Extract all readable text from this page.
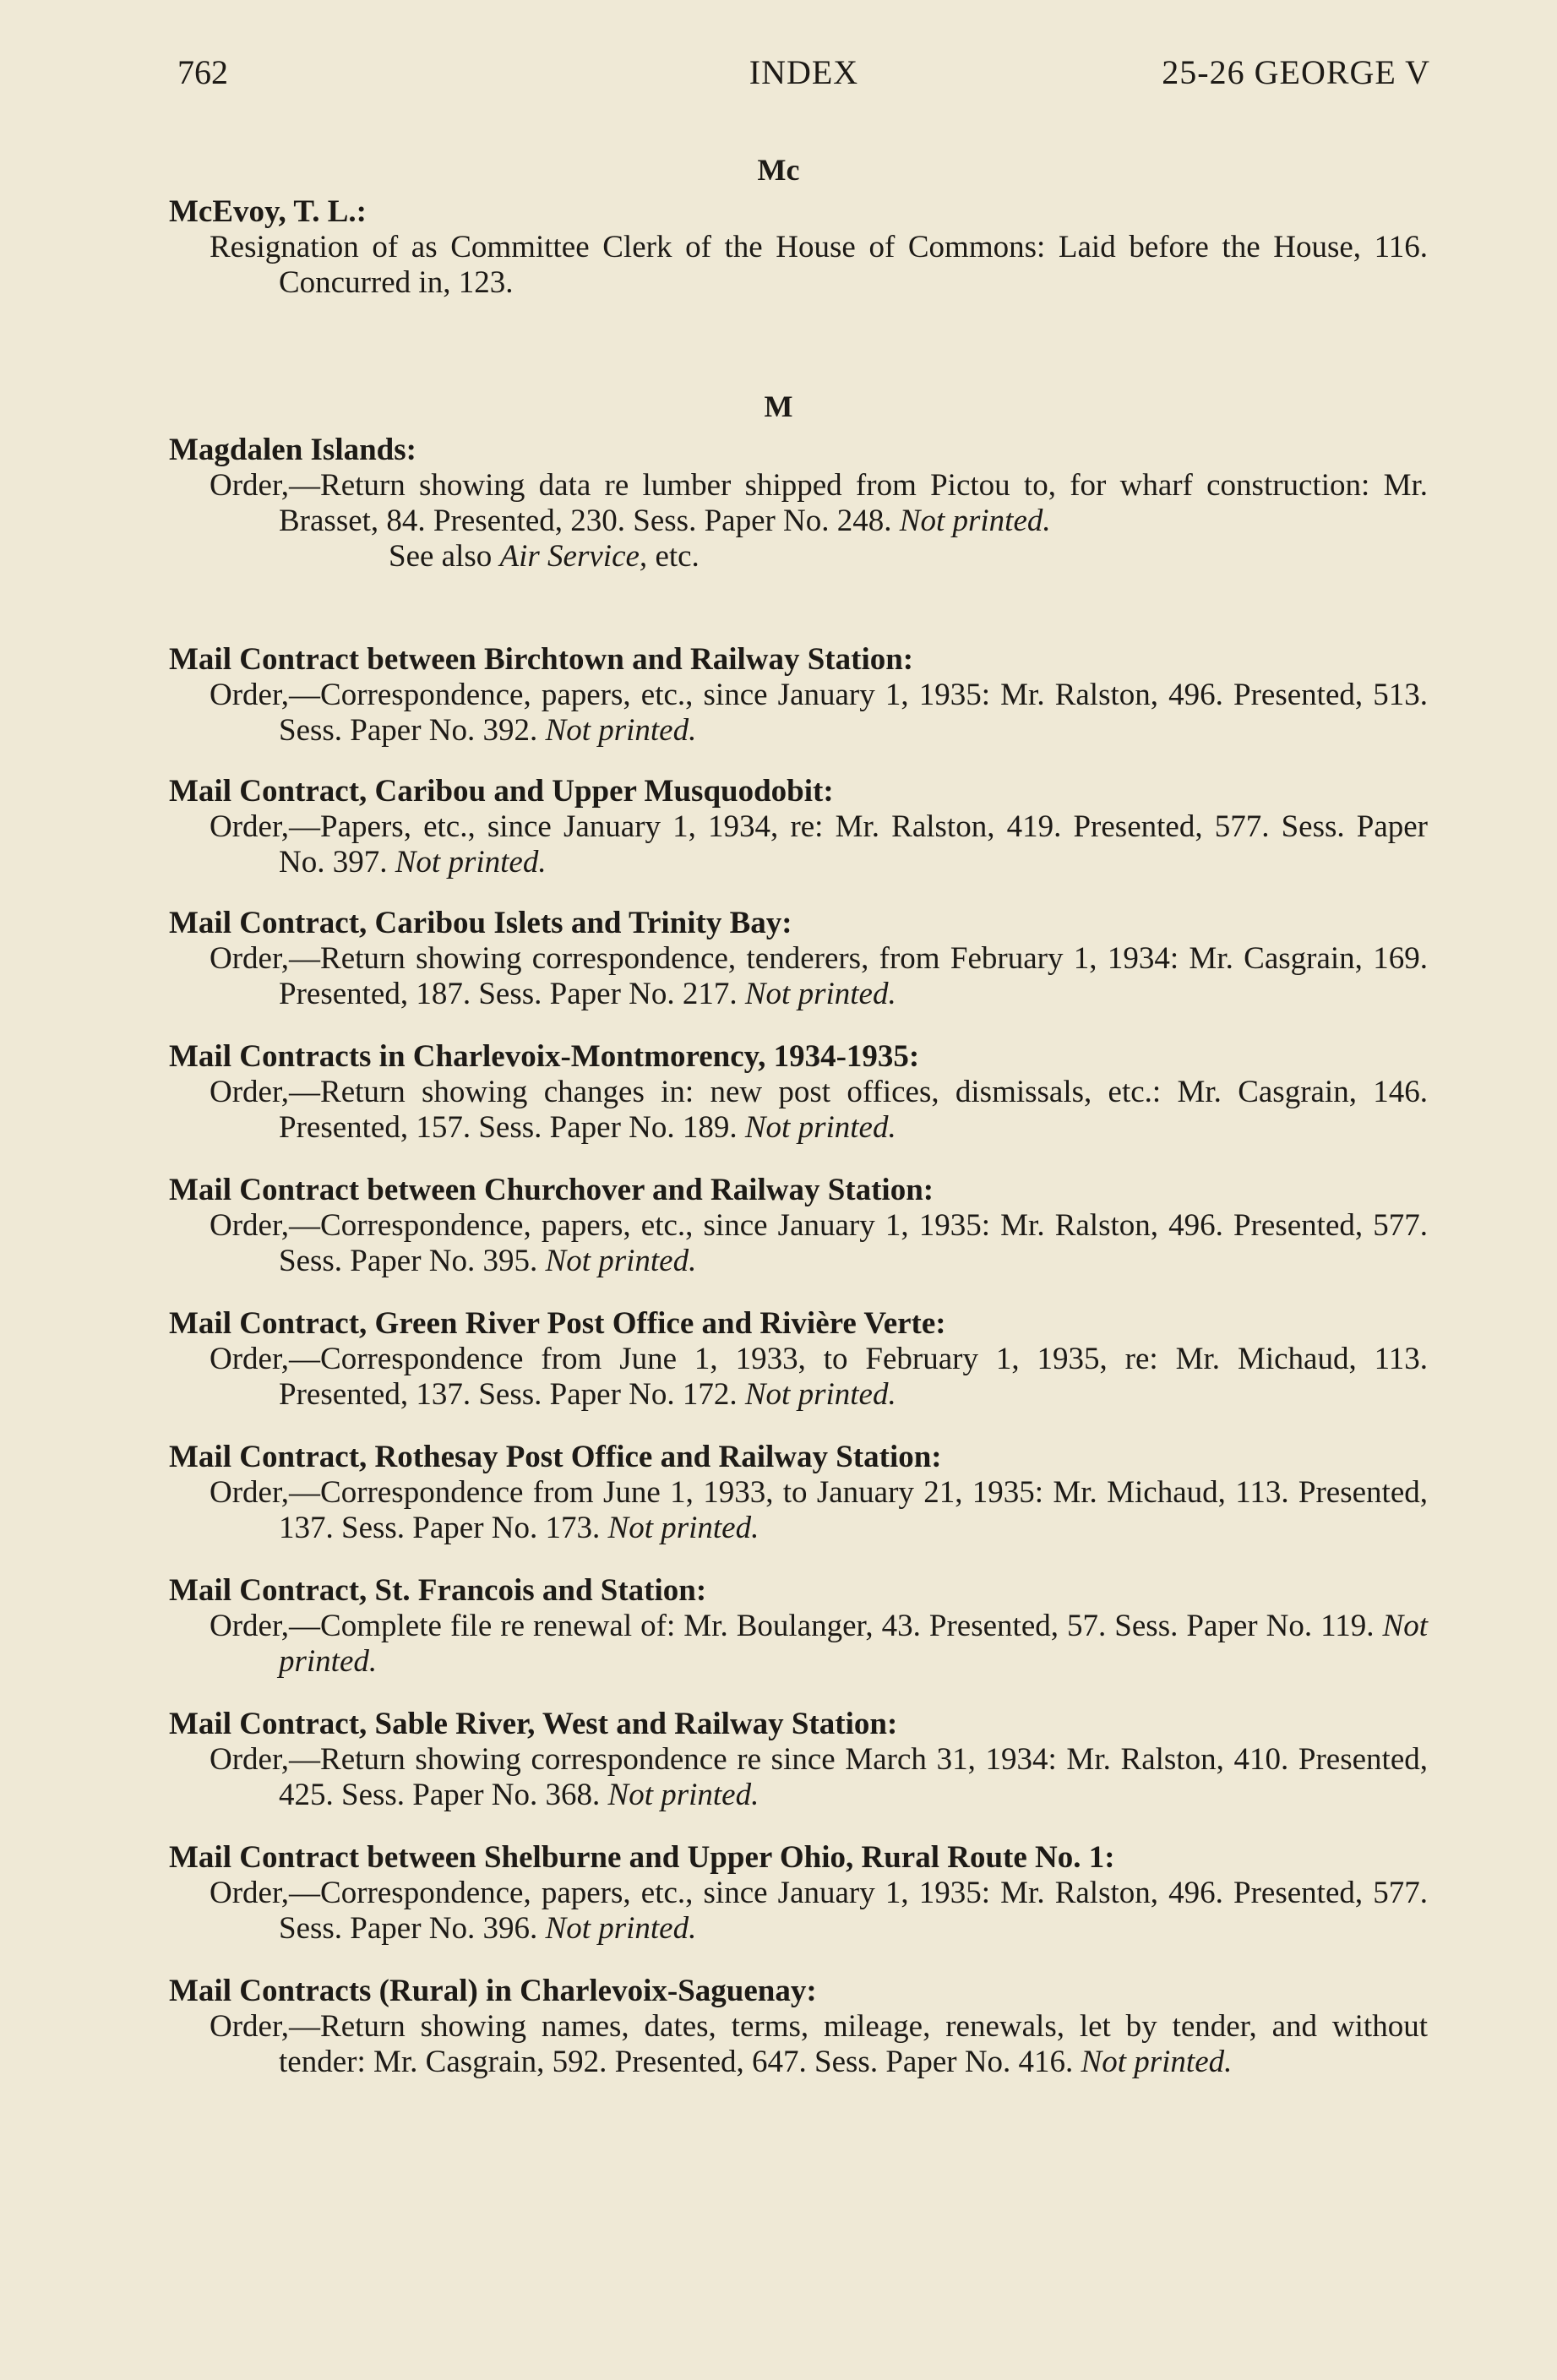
762	INDEX	25-26 GEORGE V
Mc
McEvoy, T. L.:

Resignation of as Committee Clerk of the House of Commons: Laid before the House, 116. Concurred in, 123.

M
Magdalen Islands:

Order,—Return showing data re lumber shipped from Pictou to, for wharf construction: Mr. Brasset, 84. Presented, 230. Sess. Paper No. 248. Not printed.

See also Air Service, etc.

Mail Contract between Birchtown and Railway Station:

Order,—Correspondence, papers, etc., since January 1, 1935: Mr. Ralston, 496. Presented, 513. Sess. Paper No. 392. Not printed.

Mail Contract, Caribou and Upper Musquodobit:

Order,—Papers, etc., since January 1, 1934, re: Mr. Ralston, 419. Presented, 577. Sess. Paper No. 397. Not printed.

Mail Contract, Caribou Islets and Trinity Bay:

Order,—Return showing correspondence, tenderers, from February 1, 1934: Mr. Casgrain, 169. Presented, 187. Sess. Paper No. 217. Not printed.

Mail Contracts in Charlevoix-Montmorency, 1934-1935:

Order,—Return showing changes in: new post offices, dismissals, etc.: Mr. Casgrain, 146. Presented, 157. Sess. Paper No. 189. Not printed.

Mail Contract between Churchover and Railway Station:

Order,—Correspondence, papers, etc., since January 1, 1935: Mr. Ralston, 496. Presented, 577. Sess. Paper No. 395. Not printed.

Mail Contract, Green River Post Office and Rivière Verte:

Order,—Correspondence from June 1, 1933, to February 1, 1935, re: Mr. Michaud, 113. Presented, 137. Sess. Paper No. 172. Not printed.

Mail Contract, Rothesay Post Office and Railway Station:

Order,—Correspondence from June 1, 1933, to January 21, 1935: Mr. Michaud, 113. Presented, 137. Sess. Paper No. 173. Not printed.

Mail Contract, St. Francois and Station:

Order,—Complete file re renewal of: Mr. Boulanger, 43. Presented, 57. Sess. Paper No. 119. Not printed.

Mail Contract, Sable River, West and Railway Station:

Order,—Return showing correspondence re since March 31, 1934: Mr. Ralston, 410. Presented, 425. Sess. Paper No. 368. Not printed.

Mail Contract between Shelburne and Upper Ohio, Rural Route No. 1:

Order,—Correspondence, papers, etc., since January 1, 1935: Mr. Ralston, 496. Presented, 577. Sess. Paper No. 396. Not printed.

Mail Contracts (Rural) in Charlevoix-Saguenay:

Order,—Return showing names, dates, terms, mileage, renewals, let by tender, and without tender: Mr. Casgrain, 592. Presented, 647. Sess. Paper No. 416. Not printed.
